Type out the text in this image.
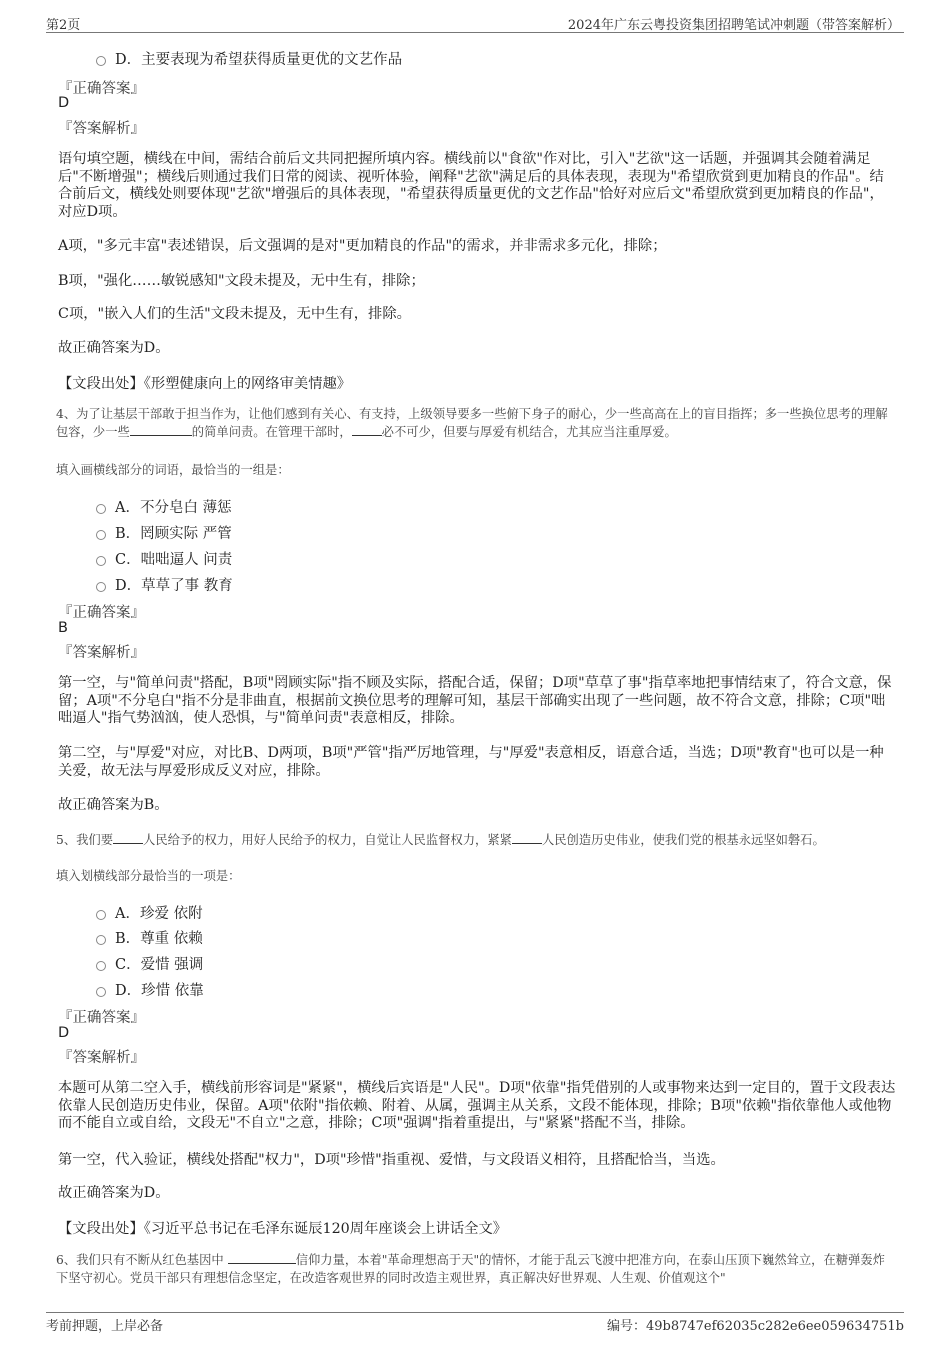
第2页	2024年广东云粤投资集团招聘笔试冲刺题（带答案解析）
D．主要表现为希望获得质量更优的文艺作品
『正确答案』
D
『答案解析』
语句填空题，横线在中间，需结合前后文共同把握所填内容。横线前以"食欲"作对比，引入"艺欲"这一话题，并强调其会随着满足后"不断增强"；横线后则通过我们日常的阅读、视听体验，阐释"艺欲"满足后的具体表现，表现为"希望欣赏到更加精良的作品"。结合前后文，横线处则要体现"艺欲"增强后的具体表现，"希望获得质量更优的文艺作品"恰好对应后文"希望欣赏到更加精良的作品"，对应D项。
A项，"多元丰富"表述错误，后文强调的是对"更加精良的作品"的需求，并非需求多元化，排除；
B项，"强化……敏锐感知"文段未提及，无中生有，排除；
C项，"嵌入人们的生活"文段未提及，无中生有，排除。
故正确答案为D。
【文段出处】《形塑健康向上的网络审美情趣》
4、为了让基层干部敢于担当作为，让他们感到有关心、有支持，上级领导要多一些俯下身子的耐心，少一些高高在上的盲目指挥；多一些换位思考的理解包容，少一些	的简单问责。在管理干部时， 必不可少，但要与厚爱有机结合，尤其应当注重厚爱。
填入画横线部分的词语，最恰当的一组是：
A．不分皂白 薄惩
B．罔顾实际 严管
C．咄咄逼人 问责
D．草草了事 教育
『正确答案』
B
『答案解析』
第一空，与"简单问责"搭配，B项"罔顾实际"指不顾及实际，搭配合适，保留；D项"草草了事"指草率地把事情结束了，符合文意，保留；A项"不分皂白"指不分是非曲直，根据前文换位思考的理解可知，基层干部确实出现了一些问题，故不符合文意，排除；C项"咄咄逼人"指气势汹汹，使人恐惧，与"简单问责"表意相反，排除。
第二空，与"厚爱"对应，对比B、D两项，B项"严管"指严厉地管理，与"厚爱"表意相反，语意合适，当选；D项"教育"也可以是一种关爱，故无法与厚爱形成反义对应，排除。
故正确答案为B。
5、我们要 人民给予的权力，用好人民给予的权力，自觉让人民监督权力，紧紧 人民创造历史伟业，使我们党的根基永远坚如磐石。
填入划横线部分最恰当的一项是：
A．珍爱 依附
B．尊重 依赖
C．爱惜 强调
D．珍惜 依靠
『正确答案』
D
『答案解析』
本题可从第二空入手，横线前形容词是"紧紧"，横线后宾语是"人民"。D项"依靠"指凭借别的人或事物来达到一定目的，置于文段表达依靠人民创造历史伟业，保留。A项"依附"指依赖、附着、从属，强调主从关系，文段不能体现，排除；B项"依赖"指依靠他人或他物而不能自立或自给，文段无"不自立"之意，排除；C项"强调"指着重提出，与"紧紧"搭配不当，排除。
第一空，代入验证，横线处搭配"权力"，D项"珍惜"指重视、爱惜，与文段语义相符，且搭配恰当，当选。
故正确答案为D。
【文段出处】《习近平总书记在毛泽东诞辰120周年座谈会上讲话全文》
6、我们只有不断从红色基因中	信仰力量，本着"革命理想高于天"的情怀，才能于乱云飞渡中把准方向，在泰山压顶下巍然耸立，在糖弹轰炸下坚守初心。党员干部只有理想信念坚定，在改造客观世界的同时改造主观世界，真正解决好世界观、人生观、价值观这个"
考前押题，上岸必备	编号：49b8747ef62035c282e6ee059634751b
